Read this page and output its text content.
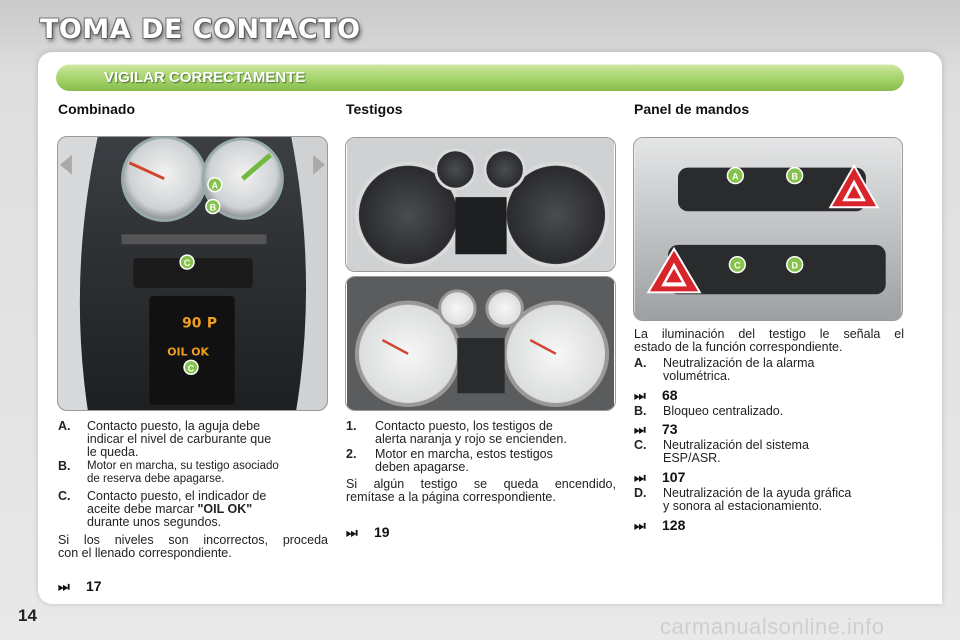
TOMA DE CONTACTO
VIGILAR CORRECTAMENTE
Combinado	Testigos	Panel de mandos
90 P
OIL OK
A
B
C
C
A	B
C	D
A. Contacto puesto, la aguja debe
indicar el nivel de carburante que
le queda.
B. Motor en marcha, su testigo asociado
de reserva debe apagarse.
C. Contacto puesto, el indicador de
aceite debe marcar "OIL OK"
durante unos segundos.
Si los niveles son incorrectos, proceda
con el llenado correspondiente.
⏭ 17
1. Contacto puesto, los testigos de
alerta naranja y rojo se encienden.
2. Motor en marcha, estos testigos
deben apagarse.
Si algún testigo se queda encendido,
remítase a la página correspondiente.
⏭ 19
La iluminación del testigo le señala el
estado de la función correspondiente.
A. Neutralización de la alarma
volumétrica.
⏭ 68
B. Bloqueo centralizado.
⏭ 73
C. Neutralización del sistema
ESP/ASR.
⏭ 107
D. Neutralización de la ayuda gráfica
y sonora al estacionamiento.
⏭ 128
14	carmanualsonline.info
